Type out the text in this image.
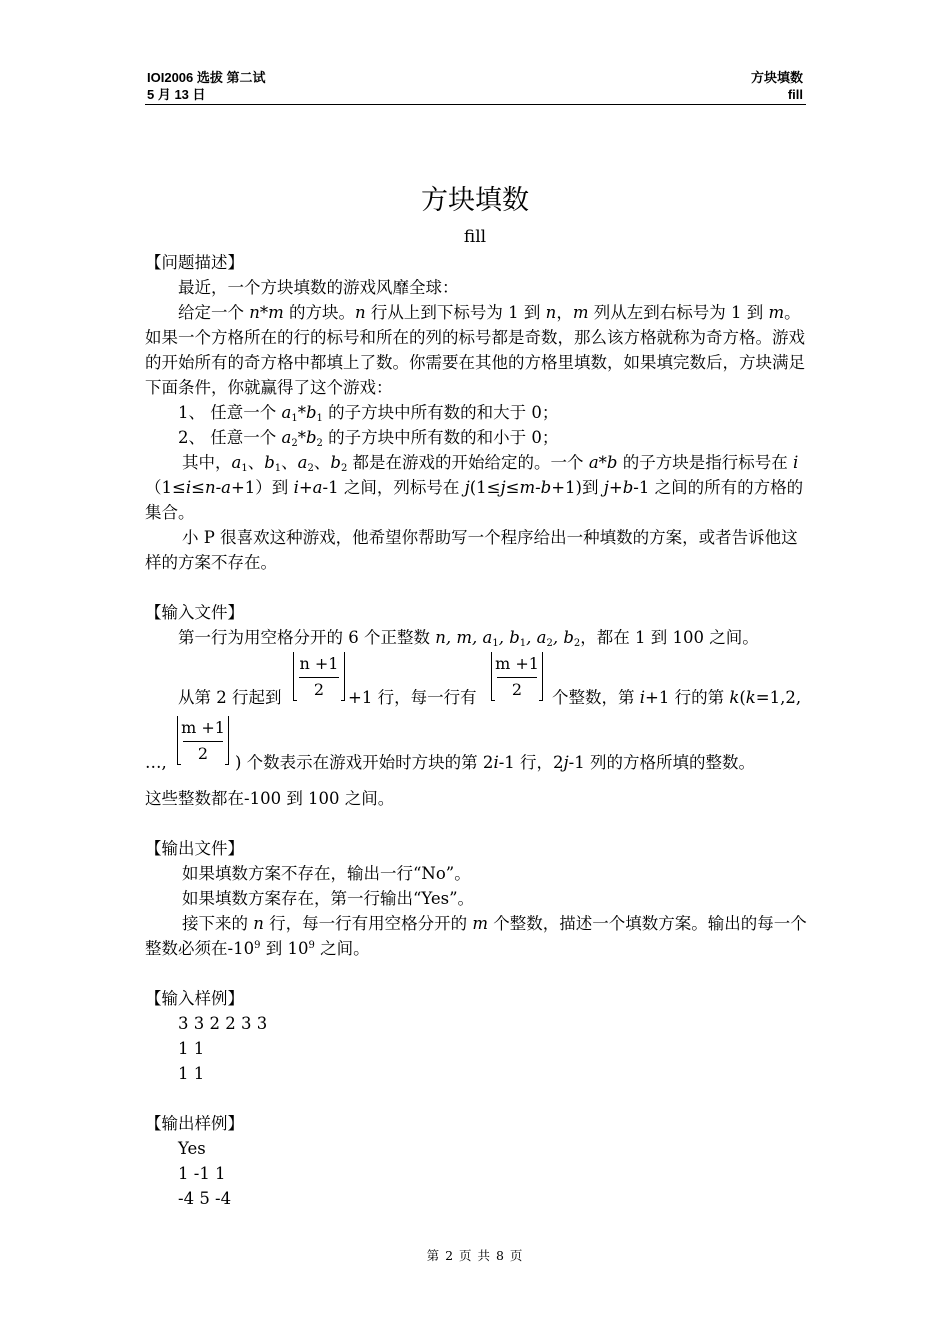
IOI2006 选拔 第二试
5 月 13 日
方块填数
fill
方块填数
fill

【问题描述】

最近，一个方块填数的游戏风靡全球：

给定一个 n*m 的方块。n 行从上到下标号为 1 到 n，m 列从左到右标号为 1 到 m。如果一个方格所在的行的标号和所在的列的标号都是奇数，那么该方格就称为奇方格。游戏的开始所有的奇方格中都填上了数。你需要在其他的方格里填数，如果填完数后，方块满足下面条件，你就赢得了这个游戏：

1、 任意一个 $a_1*b_1$ 的子方块中所有数的和大于 0；

2、 任意一个 $a_2*b_2$ 的子方块中所有数的和小于 0；

其中，$a_1$、$b_1$、$a_2$、$b_2$ 都是在游戏的开始给定的。一个 a*b 的子方块是指行标号在 i（1≤i≤n-a+1）到 i+a-1 之间，列标号在 j(1≤j≤m-b+1)到 j+b-1 之间的所有的方格的集合。

小 P 很喜欢这种游戏，他希望你帮助写一个程序给出一种填数的方案，或者告诉他这样的方案不存在。

【输入文件】

第一行为用空格分开的 6 个正整数 n, m, $a_1$, $b_1$, $a_2$, $b_2$，都在 1 到 100 之间。

从第 2 行起到
n +1
2	+1 行，每一行有
m +1
2	个整数，第 i+1 行的第 k(k=1,2,
…,
m +1
2	) 个数表示在游戏开始时方块的第 2i-1 行，2j-1 列的方格所填的整数。

这些整数都在-100 到 100 之间。

【输出文件】

如果填数方案不存在，输出一行“No”。

如果填数方案存在，第一行输出“Yes”。

接下来的 n 行，每一行有用空格分开的 m 个整数，描述一个填数方案。输出的每一个整数必须在$-10^9$ 到 $10^9$ 之间。

【输入样例】

3 3 2 2 3 3

1 1

1 1

【输出样例】

Yes

1 -1 1

-4 5 -4

第 2 页 共 8 页
